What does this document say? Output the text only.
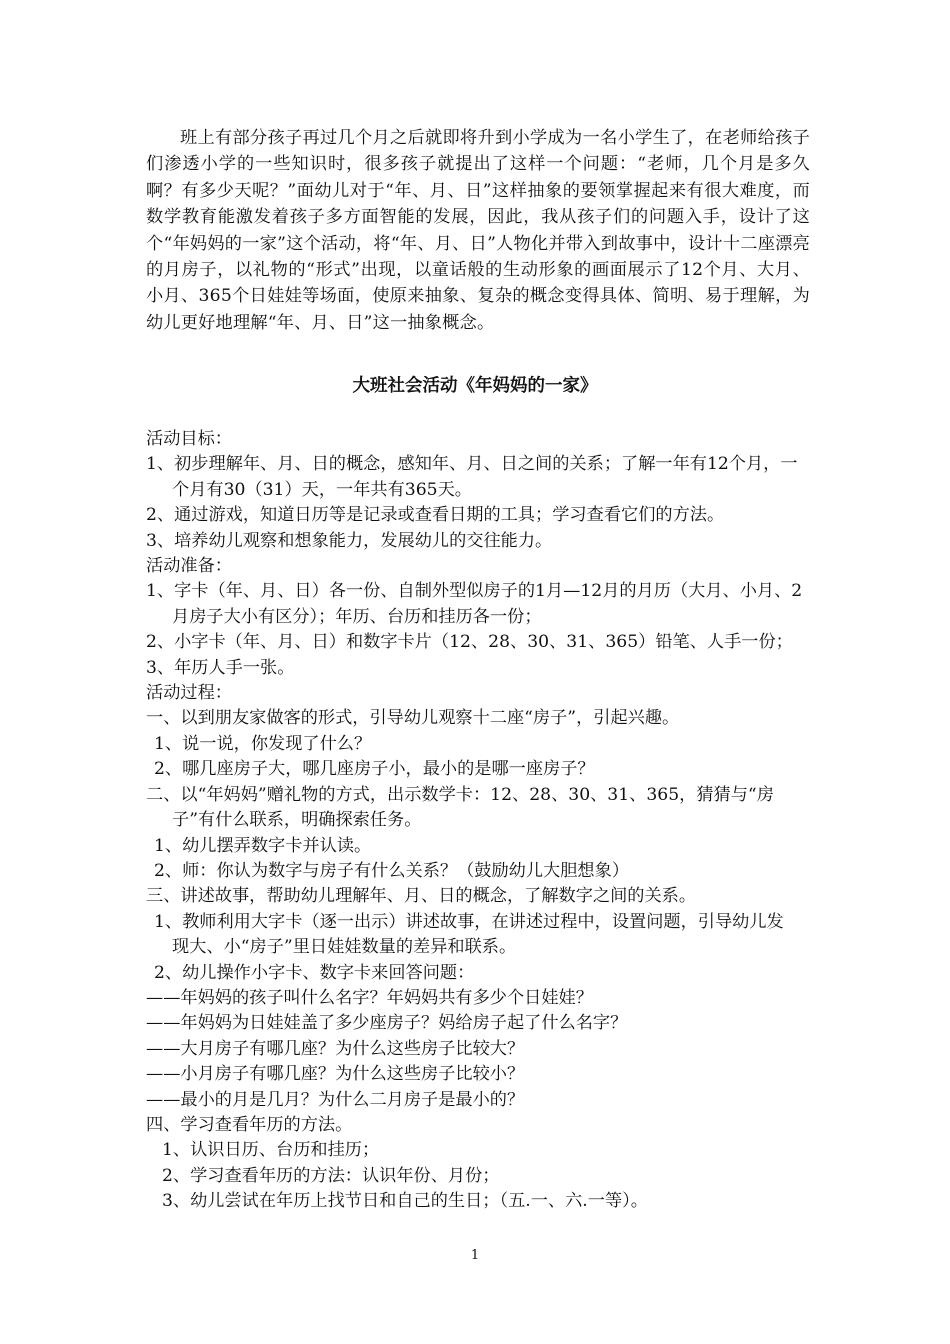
班上有部分孩子再过几个月之后就即将升到小学成为一名小学生了，在老师给孩子们渗透小学的一些知识时，很多孩子就提出了这样一个问题：“老师，几个月是多久啊？有多少天呢？”面幼儿对于“年、月、日”这样抽象的要领掌握起来有很大难度，而数学教育能激发着孩子多方面智能的发展，因此，我从孩子们的问题入手，设计了这个“年妈妈的一家”这个活动，将“年、月、日”人物化并带入到故事中，设计十二座漂亮的月房子，以礼物的“形式”出现，以童话般的生动形象的画面展示了12个月、大月、小月、365个日娃娃等场面，使原来抽象、复杂的概念变得具体、简明、易于理解，为幼儿更好地理解“年、月、日”这一抽象概念。

大班社会活动《年妈妈的一家》

活动目标：

1、初步理解年、月、日的概念，感知年、月、日之间的关系；了解一年有12个月，一

个月有30（31）天，一年共有365天。

2、通过游戏，知道日历等是记录或查看日期的工具；学习查看它们的方法。

3、培养幼儿观察和想象能力，发展幼儿的交往能力。

活动准备：

1、字卡（年、月、日）各一份、自制外型似房子的1月—12月的月历（大月、小月、2

月房子大小有区分）；年历、台历和挂历各一份；

2、小字卡（年、月、日）和数字卡片（12、28、30、31、365）铅笔、人手一份；

3、年历人手一张。

活动过程：

一、以到朋友家做客的形式，引导幼儿观察十二座“房子”，引起兴趣。

1、说一说，你发现了什么？

2、哪几座房子大，哪几座房子小，最小的是哪一座房子？

二、以“年妈妈”赠礼物的方式，出示数学卡：12、28、30、31、365，猜猜与“房

子”有什么联系，明确探索任务。

1、幼儿摆弄数字卡并认读。

2、师：你认为数字与房子有什么关系？（鼓励幼儿大胆想象）

三、讲述故事，帮助幼儿理解年、月、日的概念，了解数字之间的关系。

1、教师利用大字卡（逐一出示）讲述故事，在讲述过程中，设置问题，引导幼儿发

现大、小“房子”里日娃娃数量的差异和联系。

2、幼儿操作小字卡、数字卡来回答问题：

——年妈妈的孩子叫什么名字？年妈妈共有多少个日娃娃？

——年妈妈为日娃娃盖了多少座房子？妈给房子起了什么名字？

——大月房子有哪几座？为什么这些房子比较大？

——小月房子有哪几座？为什么这些房子比较小？

——最小的月是几月？为什么二月房子是最小的？

四、学习查看年历的方法。

1、认识日历、台历和挂历；

2、学习查看年历的方法：认识年份、月份；

3、幼儿尝试在年历上找节日和自己的生日；（五.一、六.一等）。

1
